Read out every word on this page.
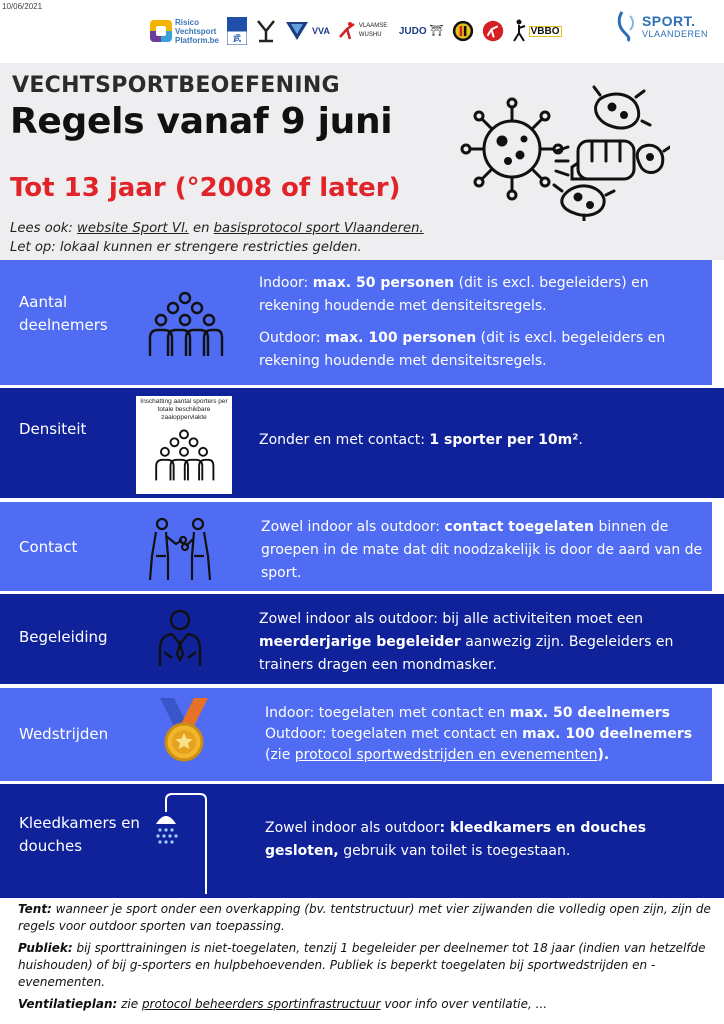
10/06/2021
Risico
Vechtsport
Platform.be 武
VVA	VLAAMSE WUSHU	JUDO ⛩	VBBO
SPORT.
VLAANDEREN
VECHTSPORTBEOEFENING
Regels vanaf 9 juni
Tot 13 jaar (°2008 of later)
Lees ook: website Sport Vl. en basisprotocol sport Vlaanderen.
Let op: lokaal kunnen er strengere restricties gelden.
Aantal
deelnemers

Indoor: max. 50 personen (dit is excl. begeleiders) en rekening houdende met densiteitsregels.

Outdoor: max. 100 personen (dit is excl. begeleiders en rekening houdende met densiteitsregels.

Densiteit
Inschatting aantal sporters per totale beschikbare zaaloppervlakte
Zonder en met contact: 1 sporter per 10m².
Contact
Zowel indoor als outdoor: contact toegelaten binnen de groepen in de mate dat dit noodzakelijk is door de aard van de sport.
Begeleiding
Zowel indoor als outdoor: bij alle activiteiten moet een meerderjarige begeleider aanwezig zijn. Begeleiders en trainers dragen een mondmasker.
Wedstrijden
Indoor: toegelaten met contact en max. 50 deelnemers
Outdoor: toegelaten met contact en max. 100 deelnemers
(zie protocol sportwedstrijden en evenementen).
Kleedkamers en
douches
Zowel indoor als outdoor: kleedkamers en douches gesloten, gebruik van toilet is toegestaan.

Tent: wanneer je sport onder een overkapping (bv. tentstructuur) met vier zijwanden die volledig open zijn, zijn de regels voor outdoor sporten van toepassing.

Publiek: bij sporttrainingen is niet-toegelaten, tenzij 1 begeleider per deelnemer tot 18 jaar (indien van hetzelfde huishouden) of bij g-sporters en hulpbehoevenden. Publiek is beperkt toegelaten bij sportwedstrijden en -evenementen.

Ventilatieplan: zie protocol beheerders sportinfrastructuur voor info over ventilatie, ...
